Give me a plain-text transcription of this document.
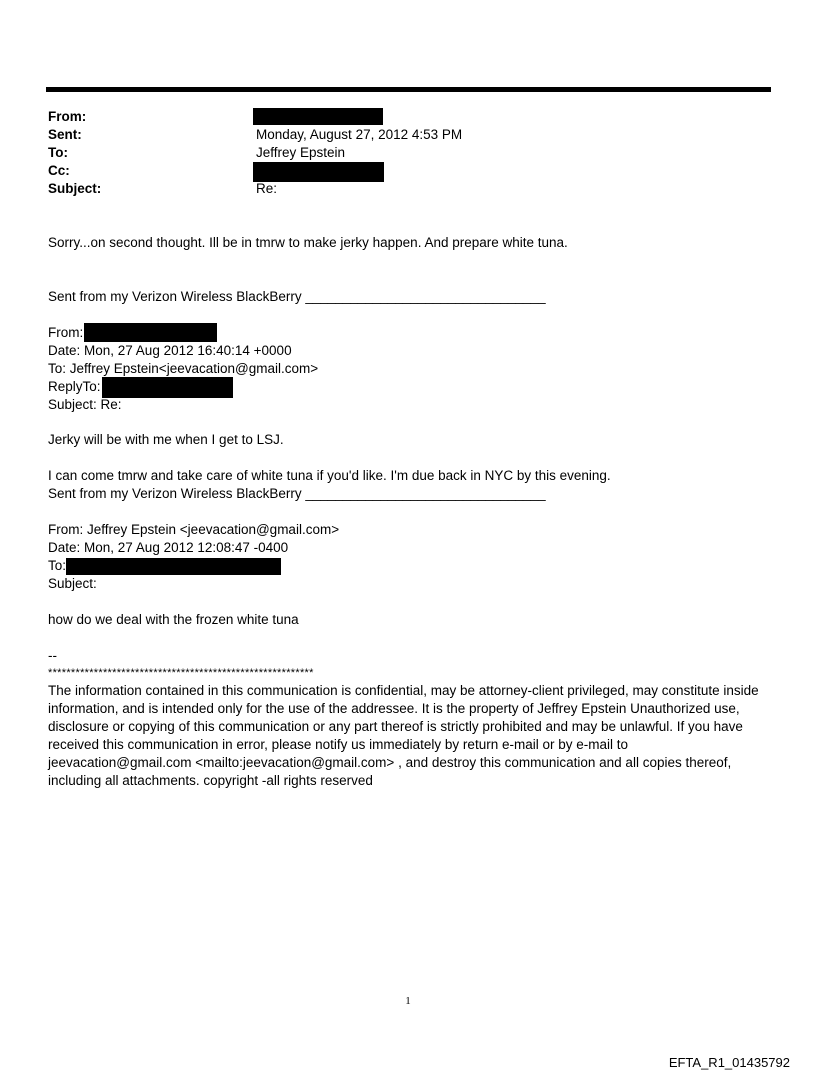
From:
Sent:	Monday, August 27, 2012 4:53 PM
To:	Jeffrey Epstein
Cc:
Subject:	Re:
Sorry...on second thought. Ill be in tmrw to make jerky happen. And prepare white tuna.
Sent from my Verizon Wireless BlackBerry ________________________________
From:
Date: Mon, 27 Aug 2012 16:40:14 +0000
To: Jeffrey Epstein<jeevacation@gmail.com>
ReplyTo:
Subject: Re:
Jerky will be with me when I get to LSJ.
I can come tmrw and take care of white tuna if you'd like. I'm due back in NYC by this evening.
Sent from my Verizon Wireless BlackBerry ________________________________
From: Jeffrey Epstein <jeevacation@gmail.com>
Date: Mon, 27 Aug 2012 12:08:47 -0400
To:
Subject:
how do we deal with the frozen white tuna
--
**********************************************************
The information contained in this communication is confidential, may be attorney-client privileged, may constitute inside information, and is intended only for the use of the addressee. It is the property of Jeffrey Epstein Unauthorized use, disclosure or copying of this communication or any part thereof is strictly prohibited and may be unlawful. If you have received this communication in error, please notify us immediately by return e-mail or by e-mail to jeevacation@gmail.com <mailto:jeevacation@gmail.com> , and destroy this communication and all copies thereof, including all attachments. copyright -all rights reserved
1
EFTA_R1_01435792
